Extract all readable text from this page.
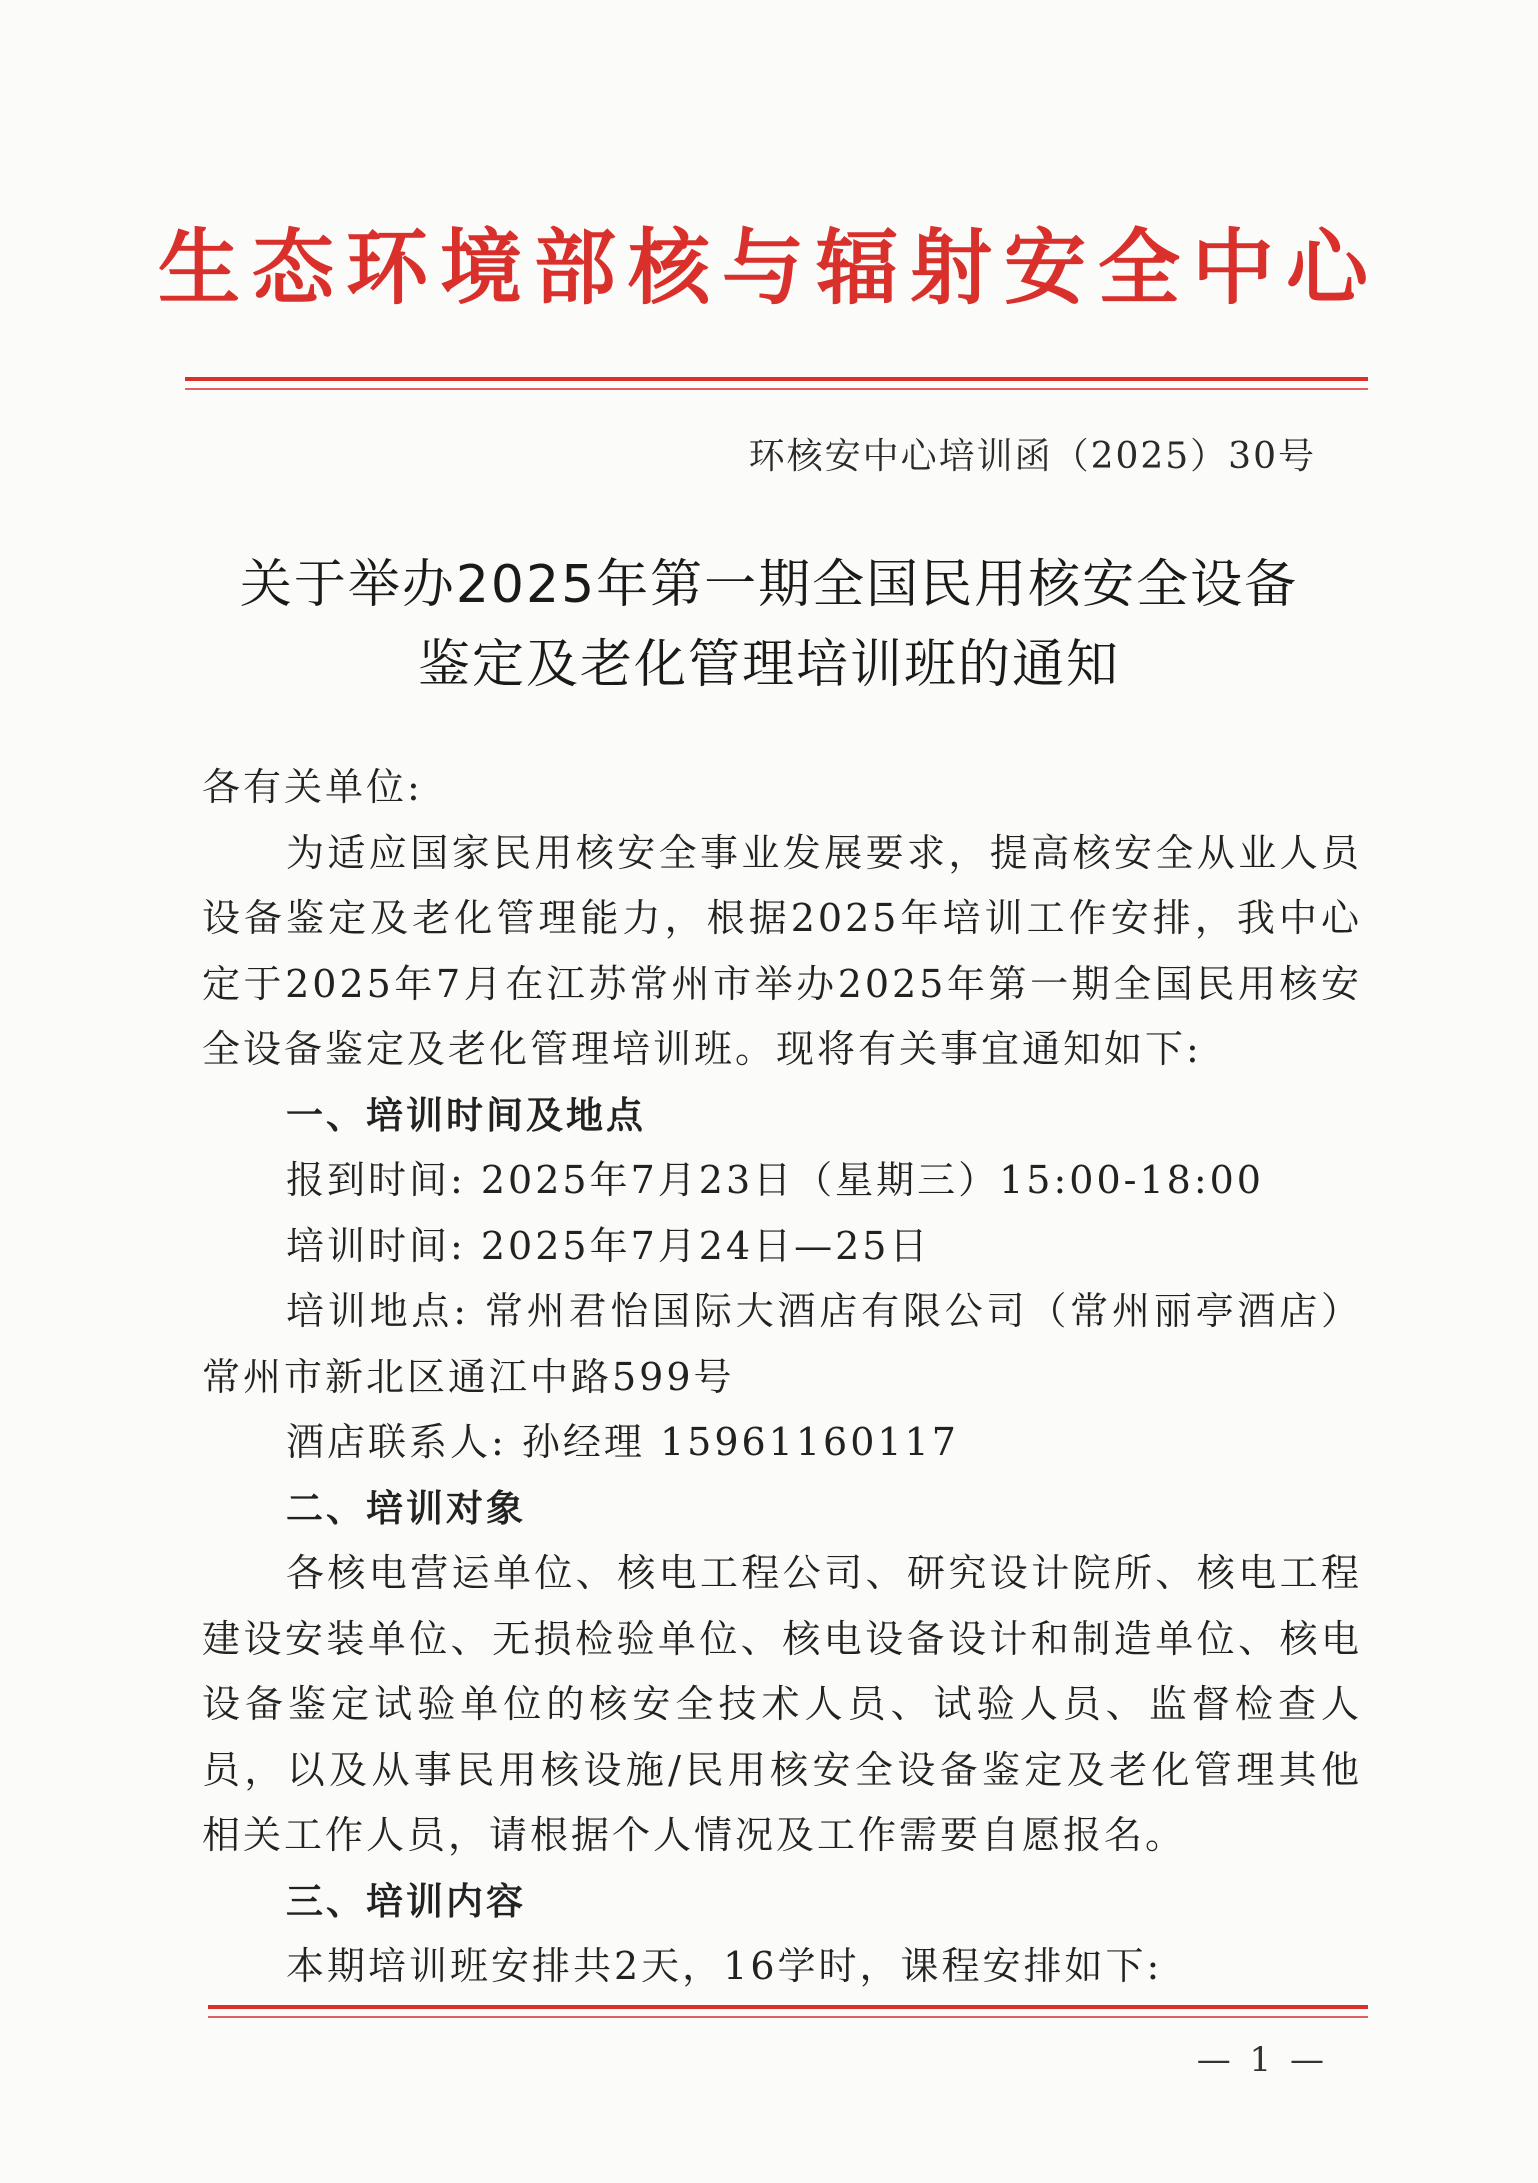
生态环境部核与辐射安全中心
环核安中心培训函（2025）30号
关于举办2025年第一期全国民用核安全设备
鉴定及老化管理培训班的通知

各有关单位:

为适应国家民用核安全事业发展要求，提高核安全从业人员设备鉴定及老化管理能力，根据2025年培训工作安排，我中心定于2025年7月在江苏常州市举办2025年第一期全国民用核安全设备鉴定及老化管理培训班。现将有关事宜通知如下:

一、培训时间及地点

报到时间: 2025年7月23日（星期三）15:00-18:00

培训时间: 2025年7月24日—25日

培训地点: 常州君怡国际大酒店有限公司（常州丽亭酒店）常州市新北区通江中路599号

酒店联系人: 孙经理 15961160117

二、培训对象

各核电营运单位、核电工程公司、研究设计院所、核电工程建设安装单位、无损检验单位、核电设备设计和制造单位、核电设备鉴定试验单位的核安全技术人员、试验人员、监督检查人员，以及从事民用核设施/民用核安全设备鉴定及老化管理其他相关工作人员，请根据个人情况及工作需要自愿报名。

三、培训内容

本期培训班安排共2天，16学时，课程安排如下:

— 1 —
